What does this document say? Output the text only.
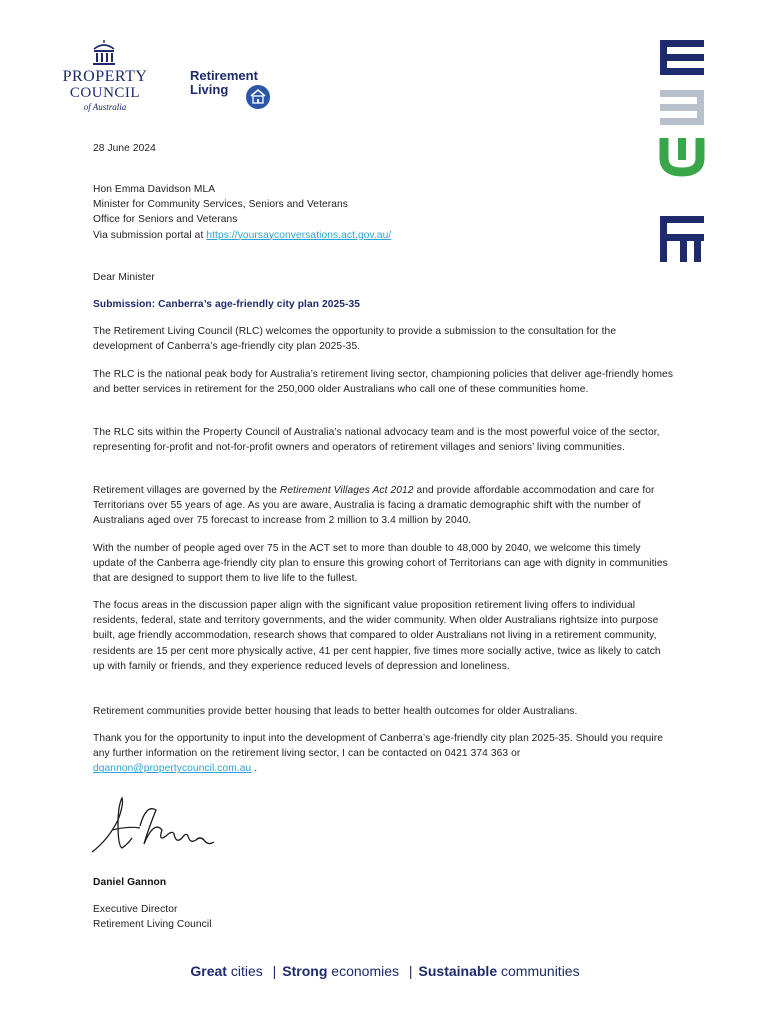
PROPERTY
COUNCIL
of Australia
Retirement
Living
28 June 2024

Hon Emma Davidson MLA

Minister for Community Services, Seniors and Veterans

Office for Seniors and Veterans

Via submission portal at https://yoursayconversations.act.gov.au/

Dear Minister
Submission: Canberra’s age-friendly city plan 2025-35
The Retirement Living Council (RLC) welcomes the opportunity to provide a submission to the consultation for the development of Canberra’s age-friendly city plan 2025-35.
The RLC is the national peak body for Australia’s retirement living sector, championing policies that deliver age-friendly homes and better services in retirement for the 250,000 older Australians who call one of these communities home.
The RLC sits within the Property Council of Australia’s national advocacy team and is the most powerful voice of the sector, representing for-profit and not-for-profit owners and operators of retirement villages and seniors’ living communities.
Retirement villages are governed by the Retirement Villages Act 2012 and provide affordable accommodation and care for Territorians over 55 years of age. As you are aware, Australia is facing a dramatic demographic shift with the number of Australians aged over 75 forecast to increase from 2 million to 3.4 million by 2040.
With the number of people aged over 75 in the ACT set to more than double to 48,000 by 2040, we welcome this timely update of the Canberra age-friendly city plan to ensure this growing cohort of Territorians can age with dignity in communities that are designed to support them to live life to the fullest.
The focus areas in the discussion paper align with the significant value proposition retirement living offers to individual residents, federal, state and territory governments, and the wider community. When older Australians rightsize into purpose built, age friendly accommodation, research shows that compared to older Australians not living in a retirement community, residents are 15 per cent more physically active, 41 per cent happier, five times more socially active, twice as likely to catch up with family or friends, and they experience reduced levels of depression and loneliness.
Retirement communities provide better housing that leads to better health outcomes for older Australians.
Thank you for the opportunity to input into the development of Canberra’s age-friendly city plan 2025-35. Should you require any further information on the retirement living sector, I can be contacted on 0421 374 363 or
dgannon@propertycouncil.com.au .
Daniel Gannon

Executive Director

Retirement Living Council

Great cities | Strong economies | Sustainable communities
